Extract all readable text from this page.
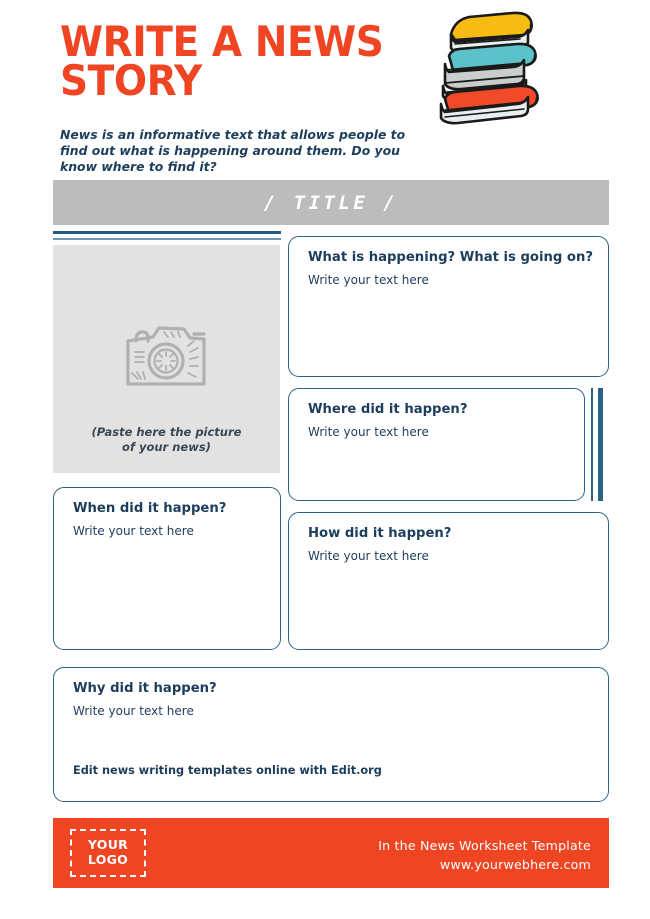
WRITE A NEWS STORY

News is an informative text that allows people to find out what is happening around them. Do you know where to find it?

/ TITLE /

(Paste here the picture
of your news)

What is happening? What is going on?

Write your text here

Where did it happen?

Write your text here

When did it happen?

Write your text here	How did it happen?

Write your text here

Why did it happen?

Write your text here

Edit news writing templates online with Edit.org

YOUR
LOGO

In the News Worksheet Template

www.yourwebhere.com
